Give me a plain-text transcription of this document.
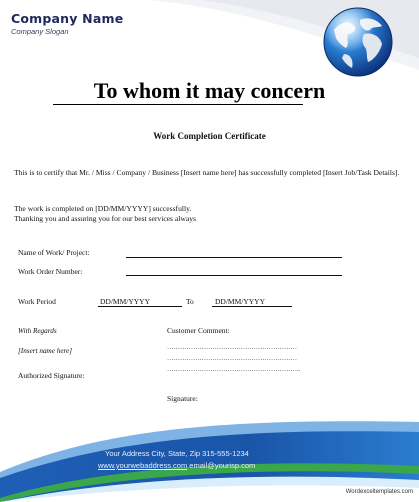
Company Name
Company Slogan
To whom it may concern
Work Completion Certificate
This is to certify that Mr. / Miss / Company / Business [Insert name here] has successfully completed [Insert Job/Task Details].
The work is completed on [DD/MM/YYYY] successfully.
Thanking you and assuring you for our best services always
Name of Work/ Project:
Work Order Number:
Work Period	DD/MM/YYYY	To	DD/MM/YYYY
With Regards
[Insert name here]
Authorized Signature:
Customer Comment:
……………………………………………………
……………………………………………………
……………………………………………………..
Signature:
Your Address City, State, Zip 315-555-1234
www.yourwebaddress.com email@yourisp.com
Wordexceltemplates.com
